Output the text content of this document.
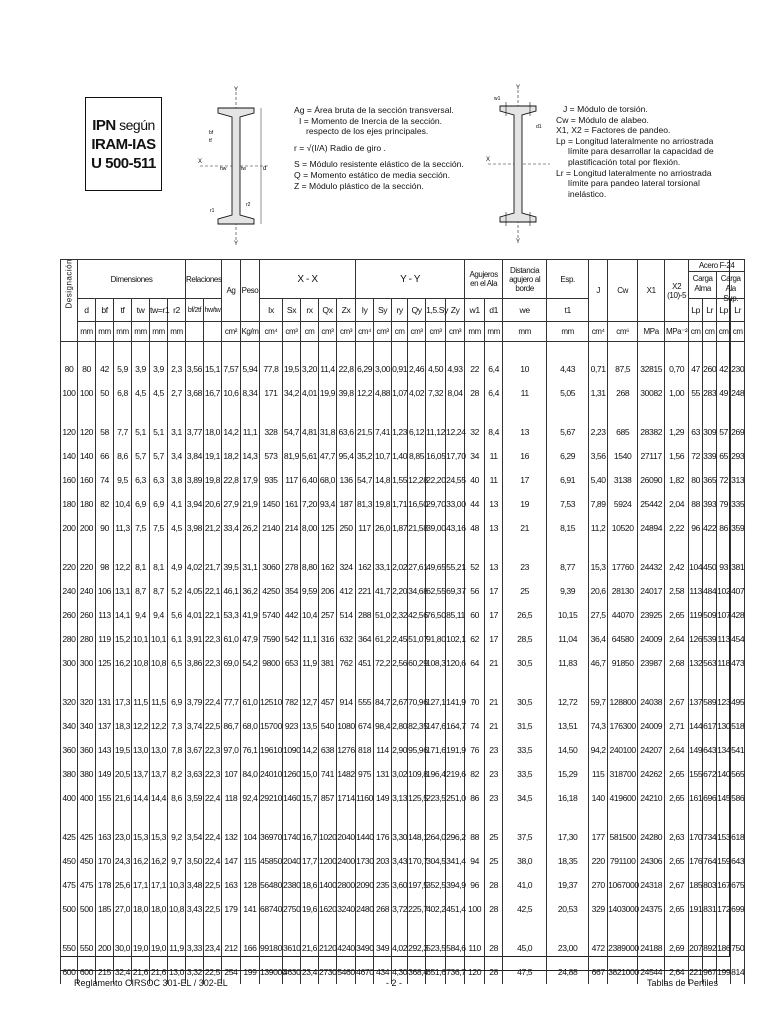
IPN según
IRAM-IAS
U 500-511
Y
Y
X
d
bf
tf
tw
hw
r1
r2

Ag = Área bruta de la sección transversal.

I = Momento de Inercia de la sección.

respecto de los ejes principales.

r = √(I/A) Radio de giro .

S = Módulo resistente elástico de la sección.

Q = Momento estático de media sección.

Z = Módulo plástico de la sección.

Y
Y
X
w1
d1

J = Módulo de torsión.

Cw = Módulo de alabeo.

X1, X2 = Factores de pandeo.

Lp = Longitud lateralmente no arriostrada

límite para desarrollar la capacidad de

plastificación total por flexión.

Lr = Longitud lateralmente no arriostrada

límite para pandeo lateral torsional

inelástico.

Designación	Dimensiones						Relaciones		Ag	Peso	X - X					Y - Y						Agujeros en el Ala		Distancia agujero al borde	Esp.	J	Cw	X1	X2 (10)-5	Acero F-24
Carga Alma
Carga Ala Sup.			

	d	bf	tf	tw	tw=r1	r2	bf/2tf	hw/tw			Ix	Sx	rx	Qx	Zx	Iy	Sy	ry	Qy	1,5.Sy	Zy	w1	d1	we	t1					Lp	Lr	Lp	Lr
	mm	mm	mm	mm	mm	mm			cm²	Kg/m	cm⁴	cm³	cm	cm³	cm³	cm⁴	cm³	cm	cm³	cm³	cm³	mm	mm	mm	mm	cm⁴	cm⁶	MPa	MPa⁻²	cm	cm	cm	cm

80	80	42	5,9	3,9	3,9	2,3	3,56	15,1	7,57	5,94	77,8	19,5	3,20	11,4	22,8	6,29	3,00	0,91	2,46	4,50	4,93	22	6,4	10	4,43	0,71	87,5	32815	0,70	47	260	42	230
100	100	50	6,8	4,5	4,5	2,7	3,68	16,7	10,6	8,34	171	34,2	4,01	19,9	39,8	12,2	4,88	1,07	4,02	7,32	8,04	28	6,4	11	5,05	1,31	268	30082	1,00	55	283	49	248

120	120	58	7,7	5,1	5,1	3,1	3,77	18,0	14,2	11,1	328	54,7	4,81	31,8	63,6	21,5	7,41	1,23	6,12	11,12	12,24	32	8,4	13	5,67	2,23	685	28382	1,29	63	309	57	269
140	140	66	8,6	5,7	5,7	3,4	3,84	19,1	18,2	14,3	573	81,9	5,61	47,7	95,4	35,2	10,7	1,40	8,85	16,05	17,70	34	11	16	6,29	3,56	1540	27117	1,56	72	339	65	293
160	160	74	9,5	6,3	6,3	3,8	3,89	19,8	22,8	17,9	935	117	6,40	68,0	136	54,7	14,8	1,55	12,28	22,20	24,55	40	11	17	6,91	5,40	3138	26090	1,82	80	365	72	313
180	180	82	10,4	6,9	6,9	4,1	3,94	20,6	27,9	21,9	1450	161	7,20	93,4	187	81,3	19,8	1,71	16,50	29,70	33,00	44	13	19	7,53	7,89	5924	25442	2,04	88	393	79	335
200	200	90	11,3	7,5	7,5	4,5	3,98	21,2	33,4	26,2	2140	214	8,00	125	250	117	26,0	1,87	21,58	39,00	43,16	48	13	21	8,15	11,2	10520	24894	2,22	96	422	86	359

220	220	98	12,2	8,1	8,1	4,9	4,02	21,7	39,5	31,1	3060	278	8,80	162	324	162	33,1	2,02	27,61	49,65	55,21	52	13	23	8,77	15,3	17760	24432	2,42	104	450	93	381
240	240	106	13,1	8,7	8,7	5,2	4,05	22,1	46,1	36,2	4250	354	9,59	206	412	221	41,7	2,20	34,68	62,55	69,37	56	17	25	9,39	20,6	28130	24017	2,58	113	484	102	407
260	260	113	14,1	9,4	9,4	5,6	4,01	22,1	53,3	41,9	5740	442	10,4	257	514	288	51,0	2,32	42,56	76,50	85,11	60	17	26,5	10,15	27,5	44070	23925	2,65	119	509	107	428
280	280	119	15,2	10,1	10,1	6,1	3,91	22,3	61,0	47,9	7590	542	11,1	316	632	364	61,2	2,45	51,07	91,80	102,1	62	17	28,5	11,04	36,4	64580	24009	2,64	126	539	113	454
300	300	125	16,2	10,8	10,8	6,5	3,86	22,3	69,0	54,2	9800	653	11,9	381	762	451	72,2	2,56	60,29	108,3	120,6	64	21	30,5	11,83	46,7	91850	23987	2,68	132	563	118	473

320	320	131	17,3	11,5	11,5	6,9	3,79	22,4	77,7	61,0	12510	782	12,7	457	914	555	84,7	2,67	70,96	127,1	141,9	70	21	30,5	12,72	59,7	128800	24038	2,67	137	589	123	495
340	340	137	18,3	12,2	12,2	7,3	3,74	22,5	86,7	68,0	15700	923	13,5	540	1080	674	98,4	2,80	82,35	147,6	164,7	74	21	31,5	13,51	74,3	176300	24009	2,71	144	617	130	518
360	360	143	19,5	13,0	13,0	7,8	3,67	22,3	97,0	76,1	19610	1090	14,2	638	1276	818	114	2,90	95,96	171,6	191,9	76	23	33,5	14,50	94,2	240100	24207	2,64	149	643	134	541
380	380	149	20,5	13,7	13,7	8,2	3,63	22,3	107	84,0	24010	1260	15,0	741	1482	975	131	3,02	109,8	196,4	219,6	82	23	33,5	15,29	115	318700	24262	2,65	155	672	140	565
400	400	155	21,6	14,4	14,4	8,6	3,59	22,4	118	92,4	29210	1460	15,7	857	1714	1160	149	3,13	125,5	223,5	251,0	86	23	34,5	16,18	140	419600	24210	2,65	161	696	145	586

425	425	163	23,0	15,3	15,3	9,2	3,54	22,4	132	104	36970	1740	16,7	1020	2040	1440	176	3,30	148,1	264,0	296,2	88	25	37,5	17,30	177	581500	24280	2,63	170	734	153	618
450	450	170	24,3	16,2	16,2	9,7	3,50	22,4	147	115	45850	2040	17,7	1200	2400	1730	203	3,43	170,7	304,5	341,4	94	25	38,0	18,35	220	791100	24306	2,65	176	764	159	643
475	475	178	25,6	17,1	17,1	10,3	3,48	22,5	163	128	56480	2380	18,6	1400	2800	2090	235	3,60	197,5	352,5	394,9	96	28	41,0	19,37	270	1067000	24318	2,67	185	803	167	675
500	500	185	27,0	18,0	18,0	10,8	3,43	22,5	179	141	68740	2750	19,6	1620	3240	2480	268	3,72	225,7	402,2	451,4	100	28	42,5	20,53	329	1403000	24375	2,65	191	831	172	699

550	550	200	30,0	19,0	19,0	11,9	3,33	23,4	212	166	99180	3610	21,6	2120	4240	3490	349	4,02	292,3	523,5	584,6	110	28	45,0	23,00	472	2389000	24188	2,69	207	892	186	750
600	600	215	32,4	21,6	21,6	13,0	3,32	22,5	254	199	139000	4630	23,4	2730	5460	4670	434	4,30	368,4	651,6	736,7	120	28	47,5	24,88	667	3821000	24544	2,64	221	967	199	814
Reglamento CIRSOC 301-EL / 302-EL	- 2 -	Tablas de Perfiles
